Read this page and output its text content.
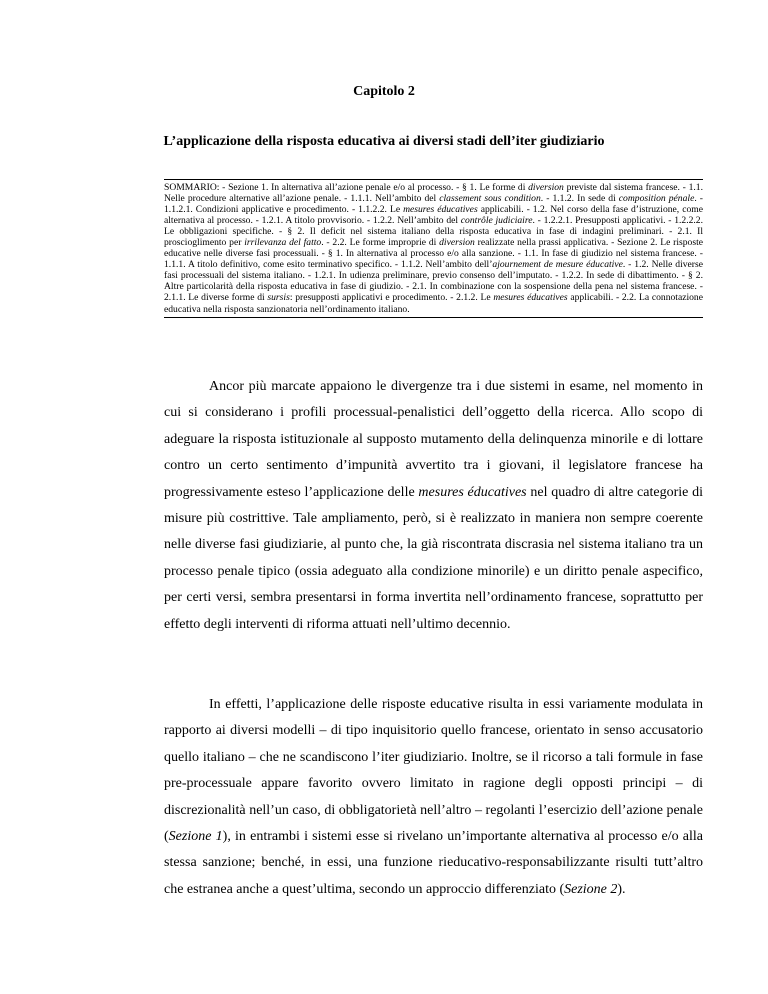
Capitolo 2
L’applicazione della risposta educativa ai diversi stadi dell’iter giudiziario
SOMMARIO: - Sezione 1. In alternativa all’azione penale e/o al processo. - § 1. Le forme di diversion previste dal sistema francese. - 1.1. Nelle procedure alternative all’azione penale. - 1.1.1. Nell’ambito del classement sous condition. - 1.1.2. In sede di composition pénale. - 1.1.2.1. Condizioni applicative e procedimento. - 1.1.2.2. Le mesures éducatives applicabili. - 1.2. Nel corso della fase d’istruzione, come alternativa al processo. - 1.2.1. A titolo provvisorio. - 1.2.2. Nell’ambito del contrôle judiciaire. - 1.2.2.1. Presupposti applicativi. - 1.2.2.2. Le obbligazioni specifiche. - § 2. Il deficit nel sistema italiano della risposta educativa in fase di indagini preliminari. - 2.1. Il proscioglimento per irrilevanza del fatto. - 2.2. Le forme improprie di diversion realizzate nella prassi applicativa. - Sezione 2. Le risposte educative nelle diverse fasi processuali. - § 1. In alternativa al processo e/o alla sanzione. - 1.1. In fase di giudizio nel sistema francese. - 1.1.1. A titolo definitivo, come esito terminativo specifico. - 1.1.2. Nell’ambito dell’ajournement de mesure éducative. - 1.2. Nelle diverse fasi processuali del sistema italiano. - 1.2.1. In udienza preliminare, previo consenso dell’imputato. - 1.2.2. In sede di dibattimento. - § 2. Altre particolarità della risposta educativa in fase di giudizio. - 2.1. In combinazione con la sospensione della pena nel sistema francese. - 2.1.1. Le diverse forme di sursis: presupposti applicativi e procedimento. - 2.1.2. Le mesures éducatives applicabili. - 2.2. La connotazione educativa nella risposta sanzionatoria nell’ordinamento italiano.

Ancor più marcate appaiono le divergenze tra i due sistemi in esame, nel momento in cui si considerano i profili processual-penalistici dell’oggetto della ricerca. Allo scopo di adeguare la risposta istituzionale al supposto mutamento della delinquenza minorile e di lottare contro un certo sentimento d’impunità avvertito tra i giovani, il legislatore francese ha progressivamente esteso l’applicazione delle mesures éducatives nel quadro di altre categorie di misure più costrittive. Tale ampliamento, però, si è realizzato in maniera non sempre coerente nelle diverse fasi giudiziarie, al punto che, la già riscontrata discrasia nel sistema italiano tra un processo penale tipico (ossia adeguato alla condizione minorile) e un diritto penale aspecifico, per certi versi, sembra presentarsi in forma invertita nell’ordinamento francese, soprattutto per effetto degli interventi di riforma attuati nell’ultimo decennio.

In effetti, l’applicazione delle risposte educative risulta in essi variamente modulata in rapporto ai diversi modelli – di tipo inquisitorio quello francese, orientato in senso accusatorio quello italiano – che ne scandiscono l’iter giudiziario. Inoltre, se il ricorso a tali formule in fase pre-processuale appare favorito ovvero limitato in ragione degli opposti principi – di discrezionalità nell’un caso, di obbligatorietà nell’altro – regolanti l’esercizio dell’azione penale (Sezione 1), in entrambi i sistemi esse si rivelano un’importante alternativa al processo e/o alla stessa sanzione; benché, in essi, una funzione rieducativo-responsabilizzante risulti tutt’altro che estranea anche a quest’ultima, secondo un approccio differenziato (Sezione 2).
